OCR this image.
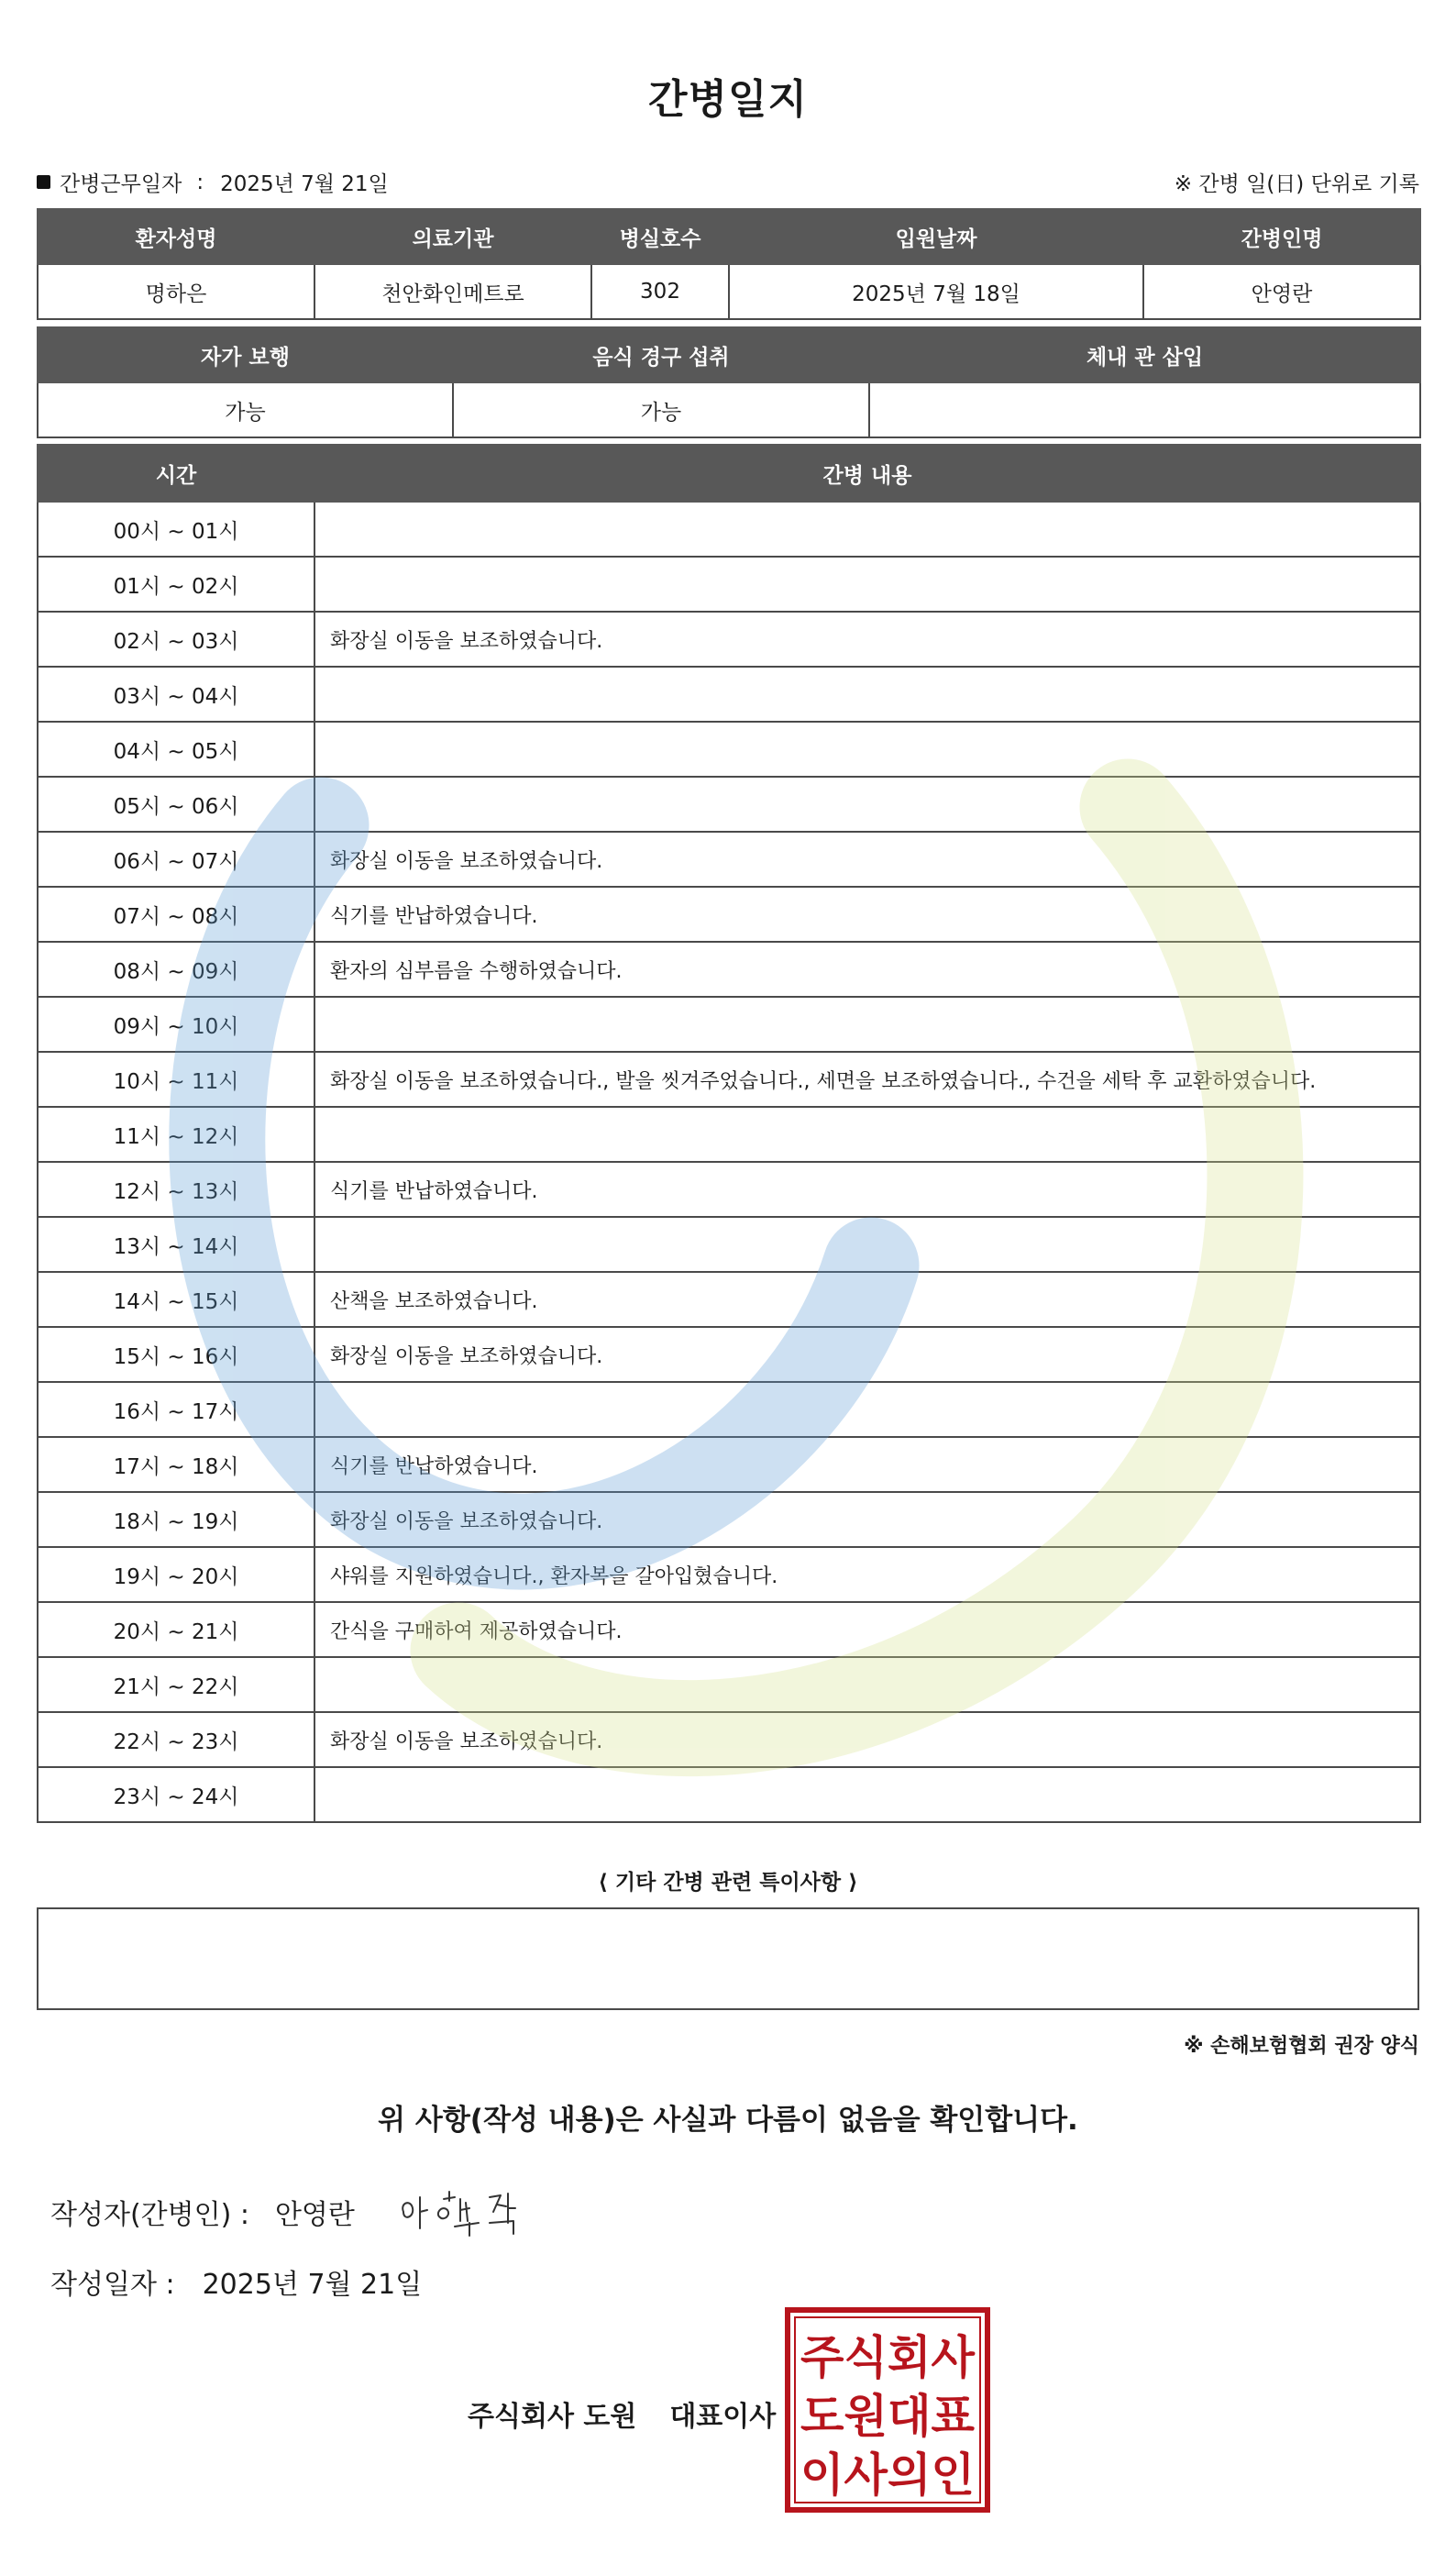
간병일지
간병근무일자 : 2025년 7월 21일	※ 간병 일(日) 단위로 기록
환자성명	의료기관	병실호수	입원날짜	간병인명
명하은	천안화인메트로	302	2025년 7월 18일	안영란
자가 보행	음식 경구 섭취	체내 관 삽입
가능	가능	
시간	간병 내용
00시 ~ 01시	
01시 ~ 02시	
02시 ~ 03시	화장실 이동을 보조하였습니다.
03시 ~ 04시	
04시 ~ 05시	
05시 ~ 06시	
06시 ~ 07시	화장실 이동을 보조하였습니다.
07시 ~ 08시	식기를 반납하였습니다.
08시 ~ 09시	환자의 심부름을 수행하였습니다.
09시 ~ 10시	
10시 ~ 11시	화장실 이동을 보조하였습니다., 발을 씻겨주었습니다., 세면을 보조하였습니다., 수건을 세탁 후 교환하였습니다.
11시 ~ 12시	
12시 ~ 13시	식기를 반납하였습니다.
13시 ~ 14시	
14시 ~ 15시	산책을 보조하였습니다.
15시 ~ 16시	화장실 이동을 보조하였습니다.
16시 ~ 17시	
17시 ~ 18시	식기를 반납하였습니다.
18시 ~ 19시	화장실 이동을 보조하였습니다.
19시 ~ 20시	샤워를 지원하였습니다., 환자복을 갈아입혔습니다.
20시 ~ 21시	간식을 구매하여 제공하였습니다.
21시 ~ 22시	
22시 ~ 23시	화장실 이동을 보조하였습니다.
23시 ~ 24시	
⟨ 기타 간병 관련 특이사항 ⟩
※ 손해보험협회 권장 양식
위 사항(작성 내용)은 사실과 다름이 없음을 확인합니다.
작성자(간병인) : 안영란
작성일자 : 2025년 7월 21일
주식회사 도원 대표이사
주식회사
도원대표
이사의인
